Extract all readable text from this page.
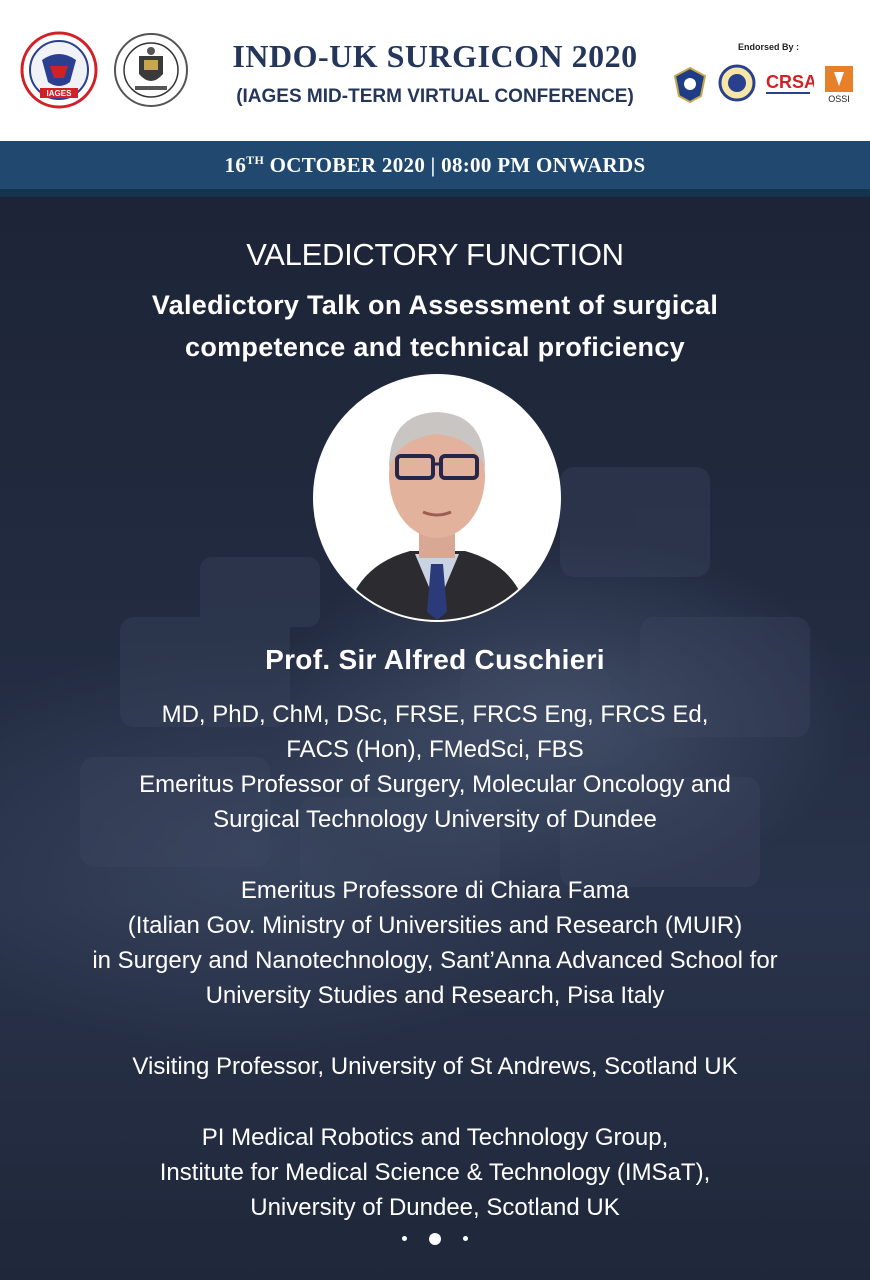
IAGES
INDO-UK SURGICON 2020
(IAGES MID-TERM VIRTUAL CONFERENCE)
Endorsed By :
CRSA
OSSI
16TH OCTOBER 2020 | 08:00 PM ONWARDS
VALEDICTORY FUNCTION
Valedictory Talk on Assessment of surgical
competence and technical proficiency
Prof. Sir Alfred Cuschieri

MD, PhD, ChM, DSc, FRSE, FRCS Eng, FRCS Ed,

FACS (Hon), FMedSci, FBS

Emeritus Professor of Surgery, Molecular Oncology and

Surgical Technology University of Dundee

Emeritus Professore di Chiara Fama

(Italian Gov. Ministry of Universities and Research (MUIR)

in Surgery and Nanotechnology, Sant’Anna Advanced School for

University Studies and Research, Pisa Italy

Visiting Professor, University of St Andrews, Scotland UK

PI Medical Robotics and Technology Group,

Institute for Medical Science & Technology (IMSaT),

University of Dundee, Scotland UK
